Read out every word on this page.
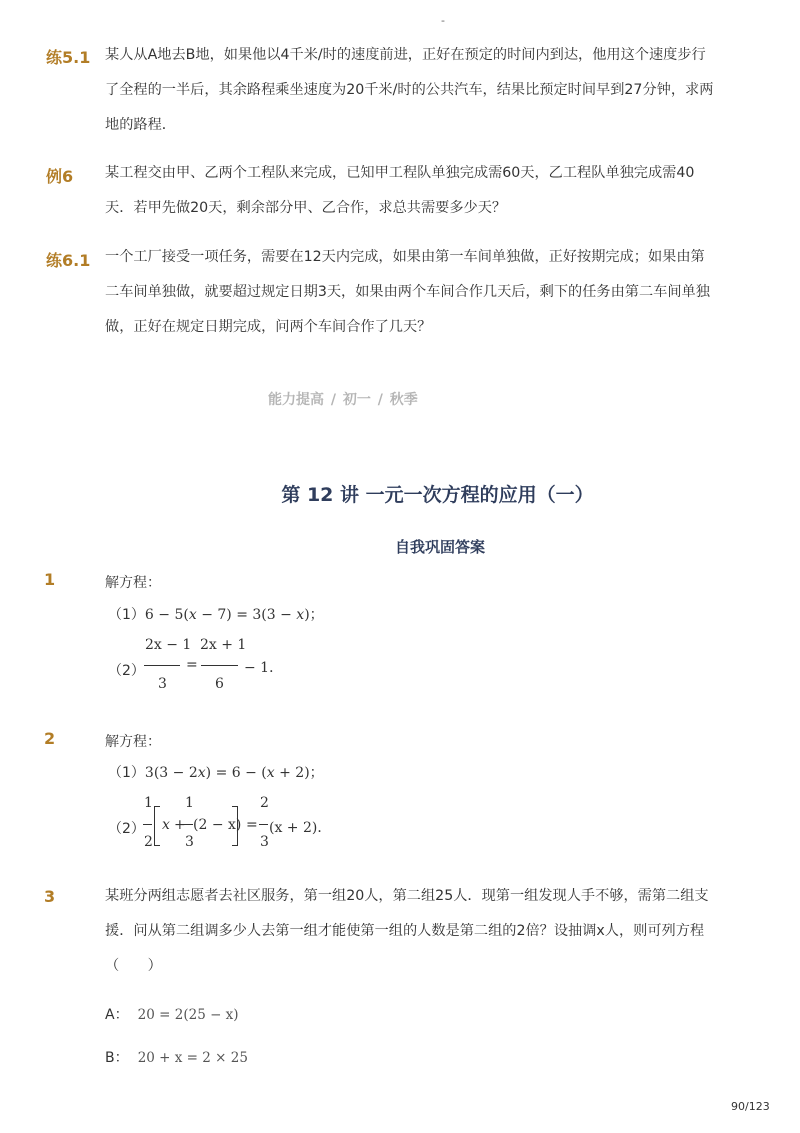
-
练5.1 某人从A地去B地，如果他以4千米/时的速度前进，正好在预定的时间内到达，他用这个速度步行
了全程的一半后，其余路程乘坐速度为20千米/时的公共汽车，结果比预定时间早到27分钟，求两
地的路程．
例6 某工程交由甲、乙两个工程队来完成，已知甲工程队单独完成需60天，乙工程队单独完成需40
天．若甲先做20天，剩余部分甲、乙合作，求总共需要多少天？
练6.1 一个工厂接受一项任务，需要在12天内完成，如果由第一车间单独做，正好按期完成；如果由第
二车间单独做，就要超过规定日期3天，如果由两个车间合作几天后，剩下的任务由第二车间单独
做，正好在规定日期完成，问两个车间合作了几天？
能力提高 / 初一 / 秋季
第 12 讲 一元一次方程的应用（一）
自我巩固答案
1	解方程：
（1）6 − 5(x − 7) = 3(3 − x)；
（2）
2x − 1
3
=
2x + 1
6
− 1．
2	解方程：
（1）3(3 − 2x) = 6 − (x + 2)；
（2）
1
2
x +
1
3
(2 − x) =
2
3
(x + 2)．
3	某班分两组志愿者去社区服务，第一组20人，第二组25人．现第一组发现人手不够，需第二组支
援．问从第二组调多少人去第一组才能使第一组的人数是第二组的2倍？设抽调x人，则可列方程
（　　）
A： 20 = 2(25 − x)
B： 20 + x = 2 × 25
90/123
